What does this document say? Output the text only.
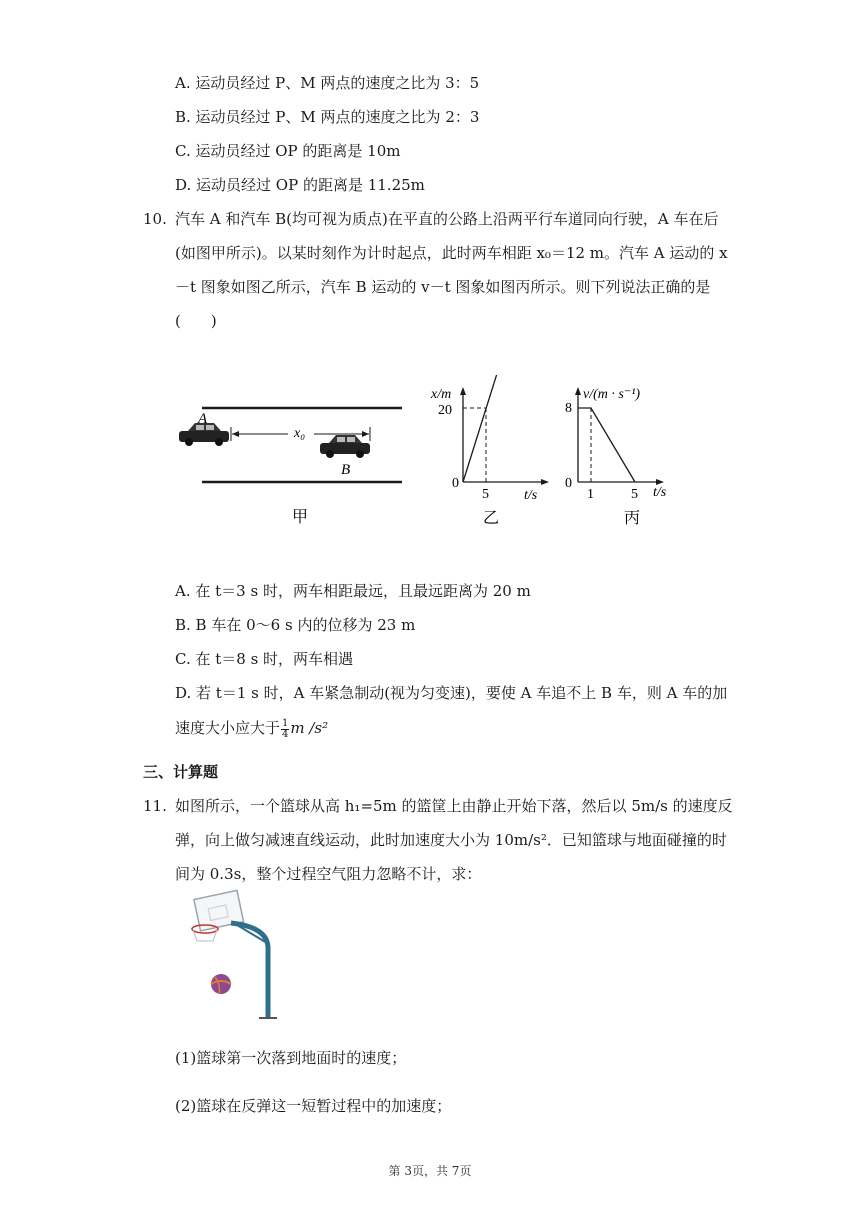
A. 运动员经过 P、M 两点的速度之比为 3：5
B. 运动员经过 P、M 两点的速度之比为 2：3
C. 运动员经过 OP 的距离是 10m
D. 运动员经过 OP 的距离是 11.25m
10. 汽车 A 和汽车 B(均可视为质点)在平直的公路上沿两平行车道同向行驶，A 车在后
(如图甲所示)。以某时刻作为计时起点，此时两车相距 x₀＝12 m。汽车 A 运动的 x
－t 图象如图乙所示，汽车 B 运动的 v－t 图象如图丙所示。则下列说法正确的是
(　　)
A
x₀
B
甲
x/m
t/s
0
20
5
乙
v/(m · s⁻¹)
t/s
0
8
1	5
丙
A. 在 t＝3 s 时，两车相距最远，且最远距离为 20 m
B. B 车在 0～6 s 内的位移为 23 m
C. 在 t＝8 s 时，两车相遇
D. 若 t＝1 s 时，A 车紧急制动(视为匀变速)，要使 A 车追不上 B 车，则 A 车的加
速度大小应大于 $\frac{1}{4}$ m /s²
三、计算题
11. 如图所示，一个篮球从高 h₁=5m 的篮筐上由静止开始下落，然后以 5m/s 的速度反
弹，向上做匀减速直线运动，此时加速度大小为 10m/s²．已知篮球与地面碰撞的时
间为 0.3s，整个过程空气阻力忽略不计，求：
(1)篮球第一次落到地面时的速度；
(2)篮球在反弹这一短暂过程中的加速度；
第 3页，共 7页
